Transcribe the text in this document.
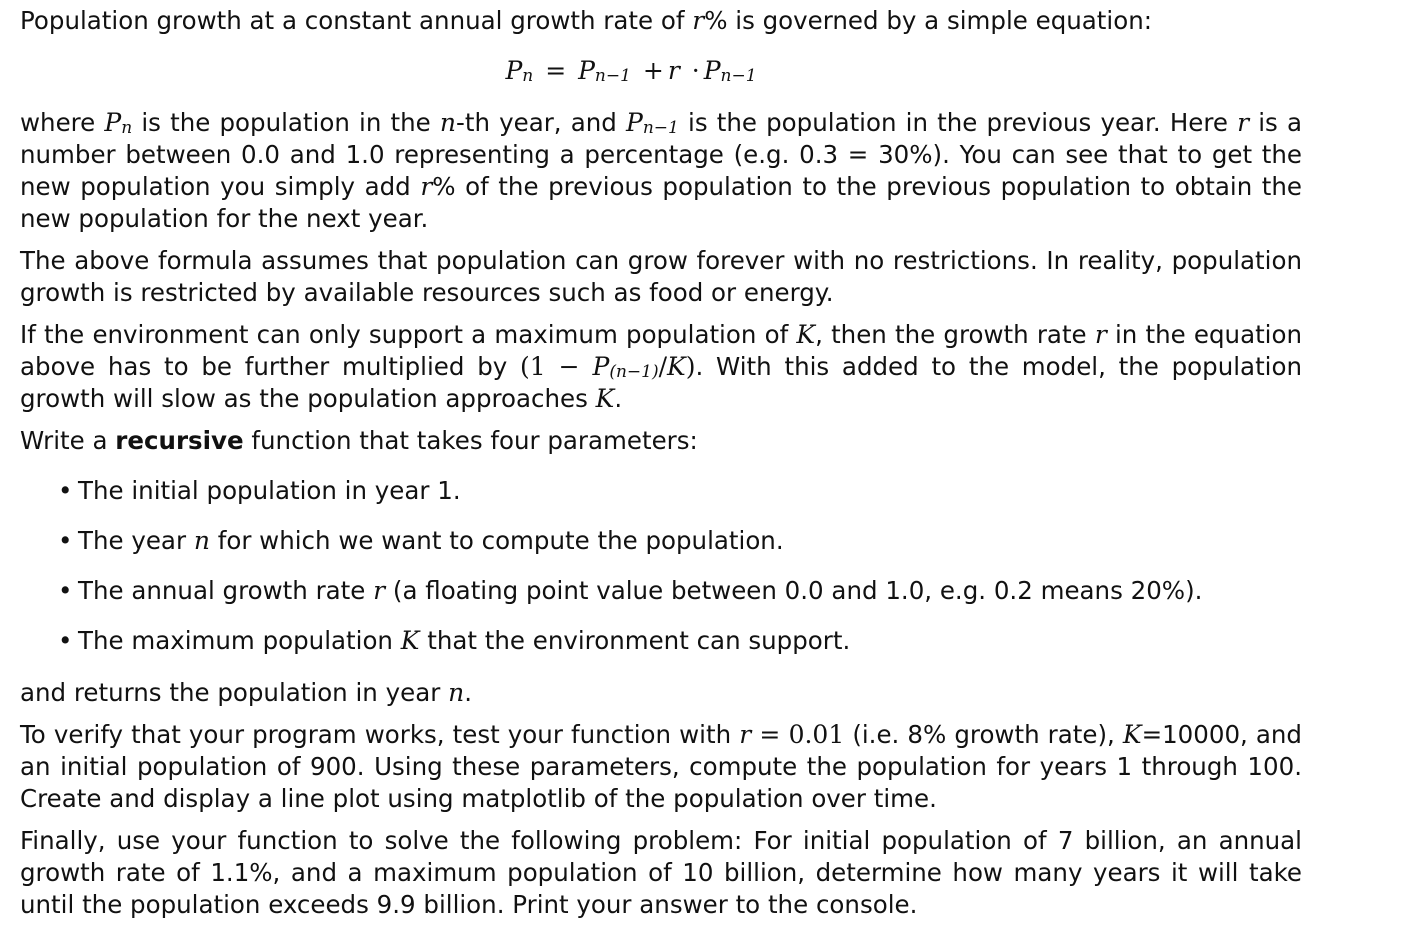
Population growth at a constant annual growth rate of r% is governed by a simple equation:

$P_n = P_{n-1} + r \cdot P_{n-1}$

where $P_n$ is the population in the n-th year, and $P_{n-1}$ is the population in the previous year. Here r is a number between 0.0 and 1.0 representing a percentage (e.g. 0.3 = 30%). You can see that to get the new population you simply add r% of the previous population to the previous population to obtain the new population for the next year.

The above formula assumes that population can grow forever with no restrictions. In reality, population growth is restricted by available resources such as food or energy.

If the environment can only support a maximum population of K, then the growth rate r in the equation above has to be further multiplied by $(1 - P_{(n-1)}/K)$. With this added to the model, the population growth will slow as the population approaches K.

Write a recursive function that takes four parameters:

• The initial population in year 1.
• The year n for which we want to compute the population.
• The annual growth rate r (a floating point value between 0.0 and 1.0, e.g. 0.2 means 20%).
• The maximum population K that the environment can support.

and returns the population in year n.

To verify that your program works, test your function with r = 0.01 (i.e. 8% growth rate), K=10000, and an initial population of 900. Using these parameters, compute the population for years 1 through 100. Create and display a line plot using matplotlib of the population over time.

Finally, use your function to solve the following problem: For initial population of 7 billion, an annual growth rate of 1.1%, and a maximum population of 10 billion, determine how many years it will take until the population exceeds 9.9 billion. Print your answer to the console.
